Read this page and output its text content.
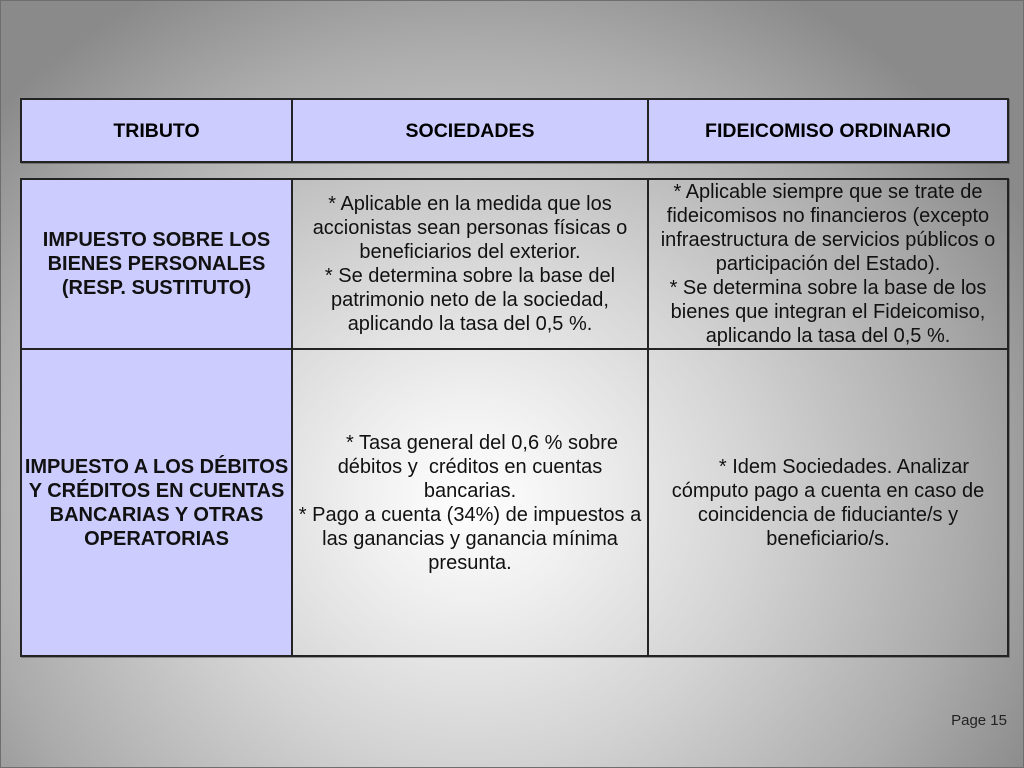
TRIBUTO	SOCIEDADES	FIDEICOMISO ORDINARIO
IMPUESTO SOBRE LOS
BIENES PERSONALES
(RESP. SUSTITUTO)
* Aplicable en la medida que los
accionistas sean personas físicas o
beneficiarios del exterior.
* Se determina sobre la base del
patrimonio neto de la sociedad,
aplicando la tasa del 0,5 %.
* Aplicable siempre que se trate de
fideicomisos no financieros (excepto
infraestructura de servicios públicos o
participación del Estado).
* Se determina sobre la base de los
bienes que integran el Fideicomiso,
aplicando la tasa del 0,5 %.
IMPUESTO A LOS DÉBITOS
Y CRÉDITOS EN CUENTAS
BANCARIAS Y OTRAS
OPERATORIAS
* Tasa general del 0,6 % sobre
débitos y  créditos en cuentas
bancarias.
* Pago a cuenta (34%) de impuestos a
las ganancias y ganancia mínima
presunta.
* Idem Sociedades. Analizar
cómputo pago a cuenta en caso de
coincidencia de fiduciante/s y
beneficiario/s.
Page 15
